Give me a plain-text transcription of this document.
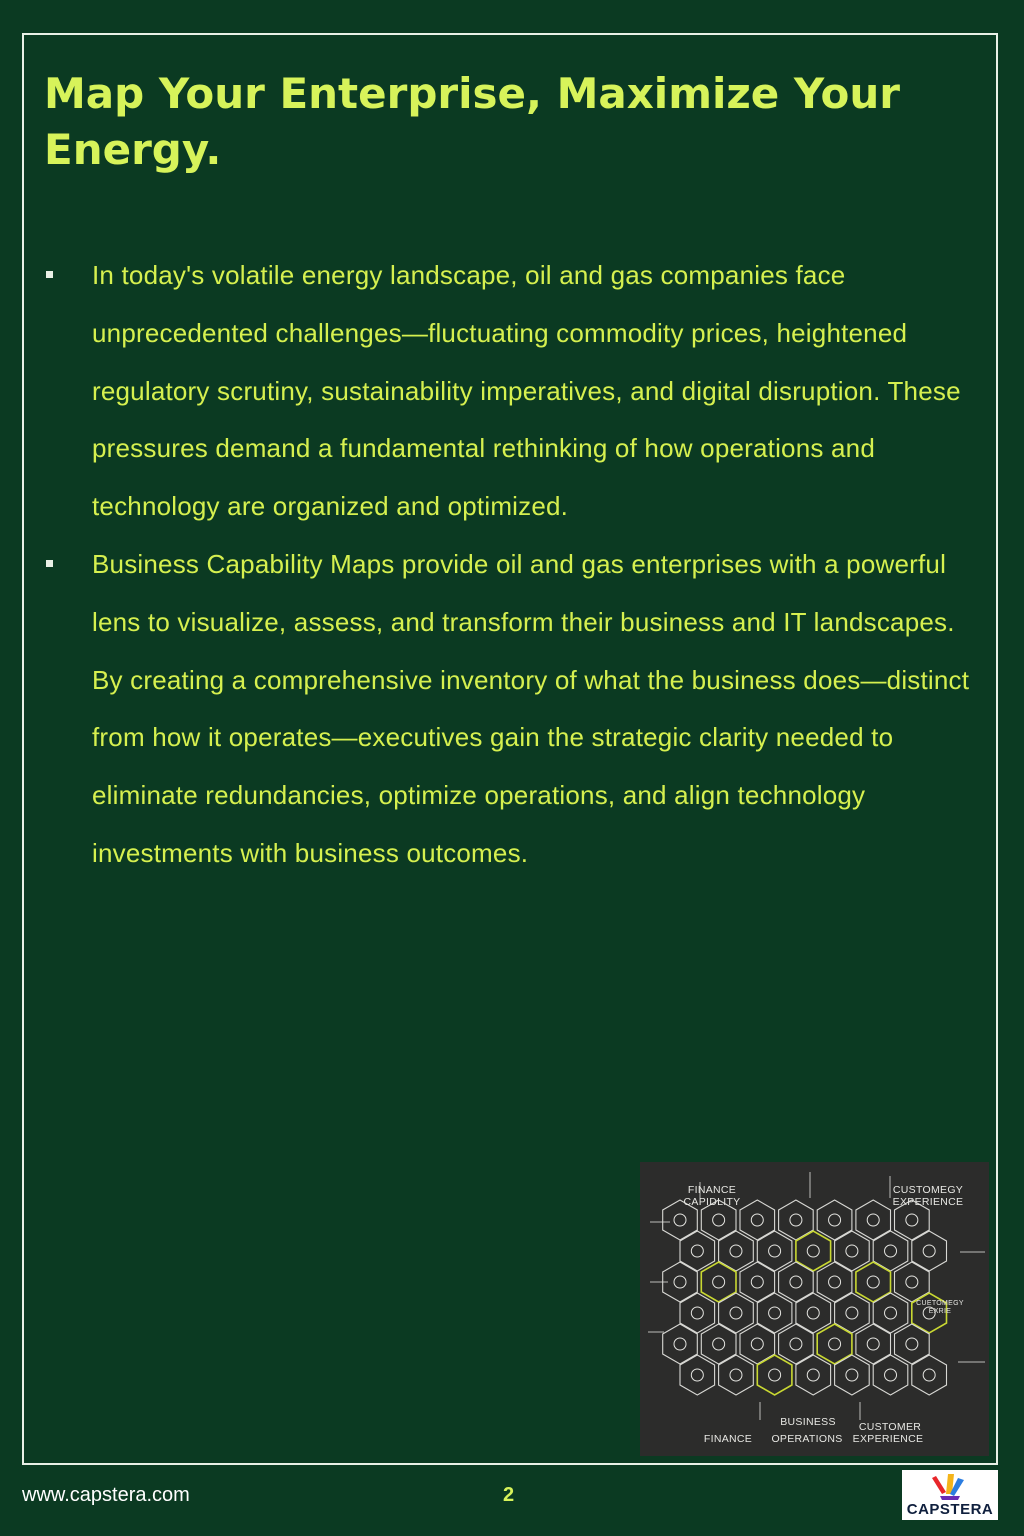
Map Your Enterprise, Maximize Your Energy.
In today's volatile energy landscape, oil and gas companies face unprecedented challenges—fluctuating commodity prices, heightened regulatory scrutiny, sustainability imperatives, and digital disruption. These pressures demand a fundamental rethinking of how operations and technology are organized and optimized.
Business Capability Maps provide oil and gas enterprises with a powerful lens to visualize, assess, and transform their business and IT landscapes. By creating a comprehensive inventory of what the business does—distinct from how it operates—executives gain the strategic clarity needed to eliminate redundancies, optimize operations, and align technology investments with business outcomes.
FINANCE
CAPIDLITY
CUSTOMEGY
EXPERIENCE
CUETOMEGY
EXRIE
FINANCE
BUSINESS
OPERATIONS
CUSTOMER
EXPERIENCE
www.capstera.com	2
CAPSTERA
